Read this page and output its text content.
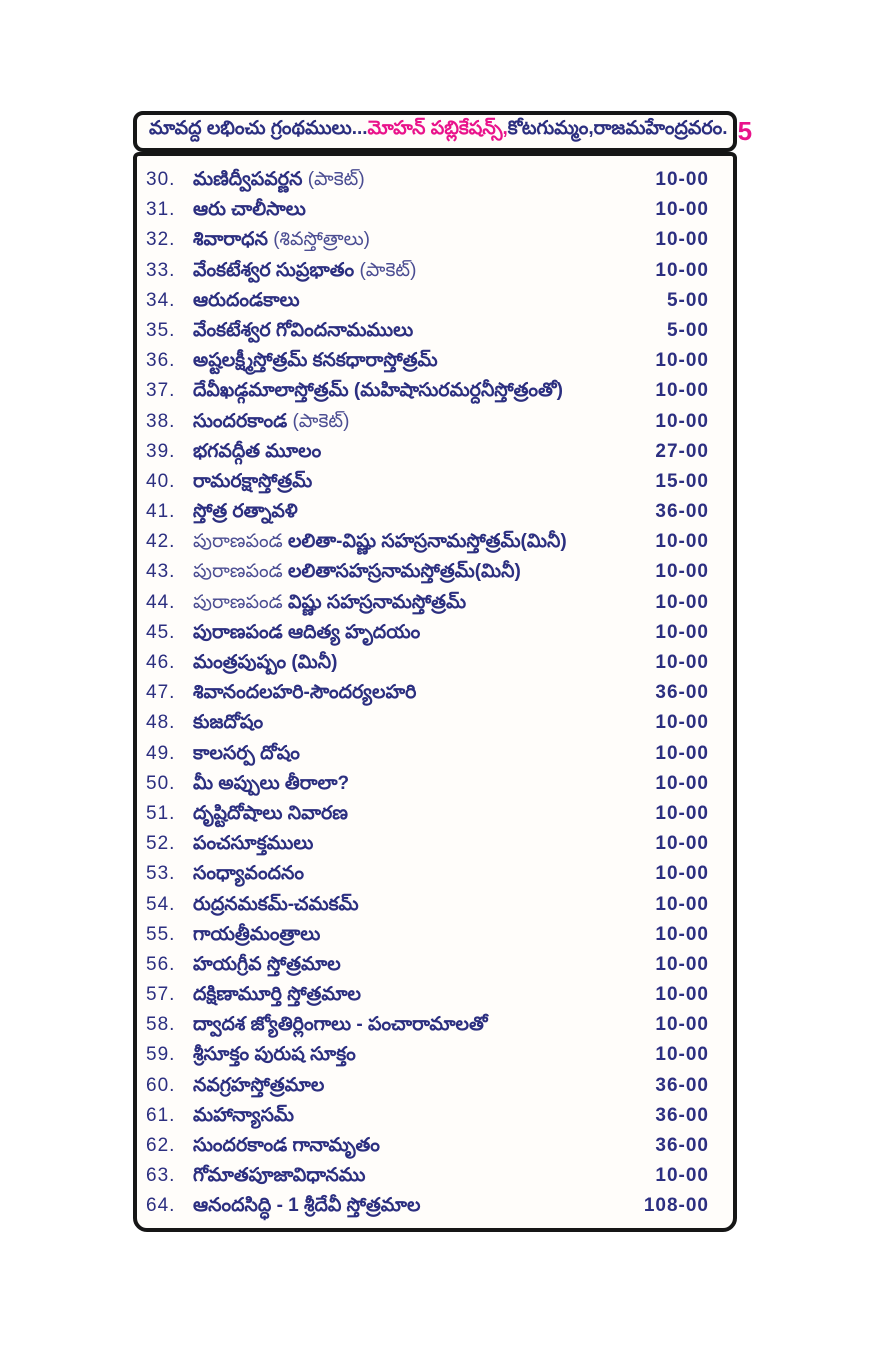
మావద్ద లభించు గ్రంథములు... మోహన్ పబ్లికేషన్స్, కోటగుమ్మం,రాజమహేంద్రవరం. 5
30. మణిద్వీపవర్ణన (పాకెట్)	10-00
31. ఆరు చాలీసాలు	10-00
32. శివారాధన (శివస్తోత్రాలు)	10-00
33. వేంకటేశ్వర సుప్రభాతం (పాకెట్)	10-00
34. ఆరుదండకాలు	5-00
35. వేంకటేశ్వర గోవిందనామములు	5-00
36. అష్టలక్ష్మీస్తోత్రమ్ కనకధారాస్తోత్రమ్	10-00
37. దేవీఖడ్గమాలాస్తోత్రమ్ (మహిషాసురమర్దనీస్తోత్రంతో)	10-00
38. సుందరకాండ (పాకెట్)	10-00
39. భగవద్గీత మూలం	27-00
40. రామరక్షాస్తోత్రమ్	15-00
41. స్తోత్ర రత్నావళి	36-00
42. పురాణపండ లలితా-విష్ణు సహస్రనామస్తోత్రమ్(మినీ)	10-00
43. పురాణపండ లలితాసహస్రనామస్తోత్రమ్(మినీ)	10-00
44. పురాణపండ విష్ణు సహస్రనామస్తోత్రమ్	10-00
45. పురాణపండ ఆదిత్య హృదయం	10-00
46. మంత్రపుష్పం (మినీ)	10-00
47. శివానందలహరి-సౌందర్యలహరి	36-00
48. కుజదోషం	10-00
49. కాలసర్ప దోషం	10-00
50. మీ అప్పులు తీరాలా?	10-00
51. దృష్టిదోషాలు నివారణ	10-00
52. పంచసూక్తములు	10-00
53. సంధ్యావందనం	10-00
54. రుద్రనమకమ్-చమకమ్	10-00
55. గాయత్రీమంత్రాలు	10-00
56. హయగ్రీవ స్తోత్రమాల	10-00
57. దక్షిణామూర్తి స్తోత్రమాల	10-00
58. ద్వాదశ జ్యోతిర్లింగాలు - పంచారామాలతో	10-00
59. శ్రీసూక్తం పురుష సూక్తం	10-00
60. నవగ్రహస్తోత్రమాల	36-00
61. మహాన్యాసమ్	36-00
62. సుందరకాండ గానామృతం	36-00
63. గోమాతపూజావిధానము	10-00
64. ఆనందసిద్ధి - 1 శ్రీదేవీ స్తోత్రమాల	108-00
